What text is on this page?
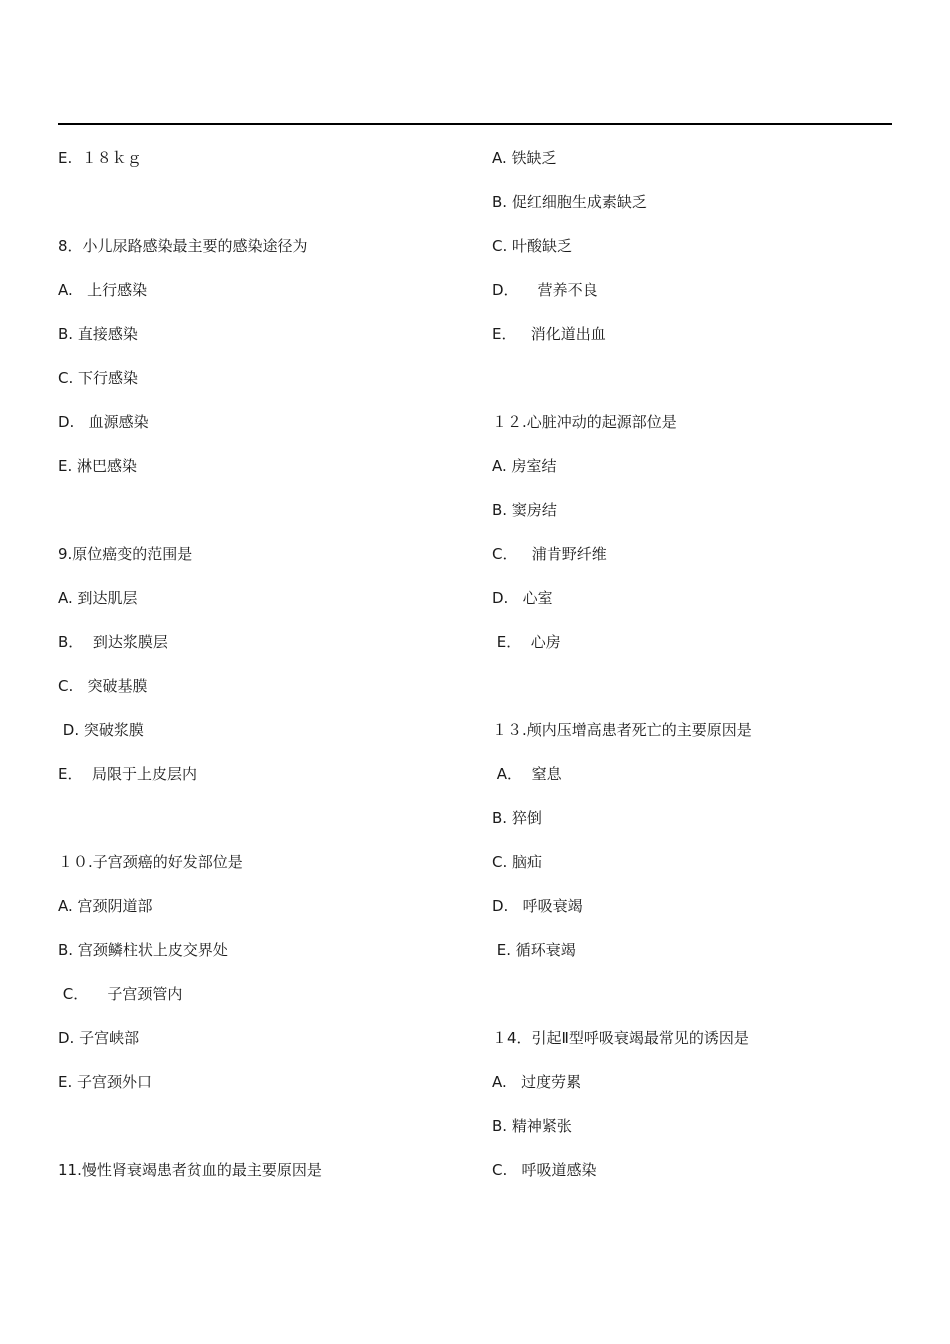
E.  １８ｋｇ
8．小儿尿路感染最主要的感染途径为
A.   上行感染
B. 直接感染
C. 下行感染
D.   血源感染
E. 淋巴感染
9.原位癌变的范围是
A. 到达肌层
B．  到达浆膜层
C.   突破基膜
D. 突破浆膜
E．  局限于上皮层内
１０.子宫颈癌的好发部位是
A. 宫颈阴道部
B. 宫颈鳞柱状上皮交界处
C．    子宫颈管内
D. 子宫峡部
E. 子宫颈外口
11.慢性肾衰竭患者贫血的最主要原因是
A. 铁缺乏
B. 促红细胞生成素缺乏
C. 叶酸缺乏
D．    营养不良
E．   消化道出血
１２.心脏冲动的起源部位是
A. 房室结
B. 窦房结
C．   浦肯野纤维
D.   心室
E．  心房
１３.颅内压增高患者死亡的主要原因是
A．  窒息
B. 猝倒
C. 脑疝
D.   呼吸衰竭
E. 循环衰竭
１4．引起Ⅱ型呼吸衰竭最常见的诱因是
A.   过度劳累
B. 精神紧张
C.   呼吸道感染
